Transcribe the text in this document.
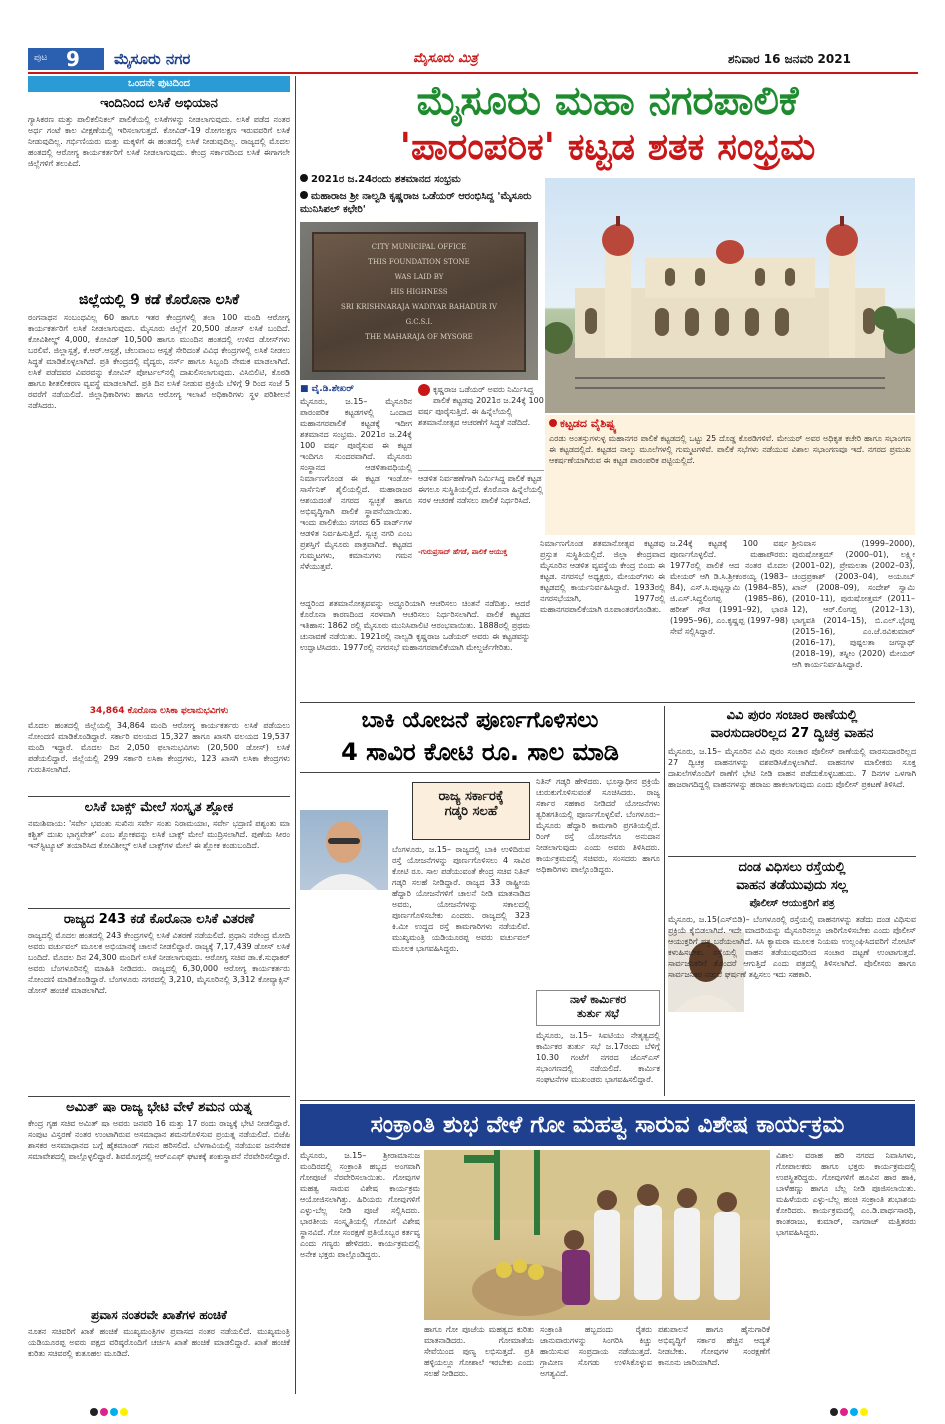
ಪುಟ 9 ಮೈಸೂರು ನಗರ	ಮೈಸೂರು ಮಿತ್ರ	ಶನಿವಾರ 16 ಜನವರಿ 2021
ಒಂದನೇ ಪುಟದಿಂದ
ಇಂದಿನಿಂದ ಲಸಿಕೆ ಅಭಿಯಾನ
ಗ್ಯಾಸಿಕರಣ ಮತ್ತು ಪಾಲಿಕಲಿನಿಕಲ್ ಪಾಲಿಕೆಯಲ್ಲಿ ಲಸಿಕೆಗಳನ್ನು ನೀಡಲಾಗುವುದು. ಲಸಿಕೆ ಪಡೆದ ನಂತರ ಅರ್ಧ ಗಂಟೆ ಕಾಲ ವೀಕ್ಷಣೆಯಲ್ಲಿ ಇರಿಸಲಾಗುತ್ತದೆ. ಕೋವಿಡ್-19 ರೋಗಲಕ್ಷಣ ಇರುವವರಿಗೆ ಲಸಿಕೆ ನೀಡುವುದಿಲ್ಲ. ಗರ್ಭಿಣಿಯರು ಮತ್ತು ಮಕ್ಕಳಿಗೆ ಈ ಹಂತದಲ್ಲಿ ಲಸಿಕೆ ನೀಡುವುದಿಲ್ಲ. ರಾಜ್ಯದಲ್ಲಿ ಮೊದಲ ಹಂತದಲ್ಲಿ ಆರೋಗ್ಯ ಕಾರ್ಯಕರ್ತರಿಗೆ ಲಸಿಕೆ ನೀಡಲಾಗುವುದು. ಕೇಂದ್ರ ಸರ್ಕಾರದಿಂದ ಲಸಿಕೆ ಈಗಾಗಲೇ ಜಿಲ್ಲೆಗಳಿಗೆ ತಲುಪಿದೆ.
ಜಿಲ್ಲೆಯಲ್ಲಿ 9 ಕಡೆ ಕೊರೊನಾ ಲಸಿಕೆ
ರಂಗನಾಥನ ಸಂಬಂಧವಿಲ್ಲ 60 ಹಾಗೂ ಇತರ ಕೇಂದ್ರಗಳಲ್ಲಿ ತಲಾ 100 ಮಂದಿ ಆರೋಗ್ಯ ಕಾರ್ಯಕರ್ತರಿಗೆ ಲಸಿಕೆ ನೀಡಲಾಗುವುದು. ಮೈಸೂರು ಜಿಲ್ಲೆಗೆ 20,500 ಡೋಸ್ ಲಸಿಕೆ ಬಂದಿದೆ. ಕೋವಿಶೀಲ್ಡ್ 4,000, ಕೋವಿಡ್ 10,500 ಹಾಗೂ ಮುಂದಿನ ಹಂತದಲ್ಲಿ ಉಳಿದ ಡೋಸ್‌ಗಳು ಬರಲಿವೆ. ಜಿಲ್ಲಾಸ್ಪತ್ರೆ, ಕೆ.ಆರ್.ಆಸ್ಪತ್ರೆ, ಚೆಲುವಾಂಬ ಆಸ್ಪತ್ರೆ ಸೇರಿದಂತೆ ವಿವಿಧ ಕೇಂದ್ರಗಳಲ್ಲಿ ಲಸಿಕೆ ನೀಡಲು ಸಿದ್ಧತೆ ಮಾಡಿಕೊಳ್ಳಲಾಗಿದೆ. ಪ್ರತಿ ಕೇಂದ್ರದಲ್ಲಿ ವೈದ್ಯರು, ನರ್ಸ್ ಹಾಗೂ ಸಿಬ್ಬಂದಿ ನೇಮಕ ಮಾಡಲಾಗಿದೆ. ಲಸಿಕೆ ಪಡೆದವರ ವಿವರವನ್ನು ಕೋವಿನ್ ಪೋರ್ಟಲ್‌ನಲ್ಲಿ ದಾಖಲಿಸಲಾಗುವುದು. ವಿಸಿಬಿಲಿಟಿ, ಕೊಠಡಿ ಹಾಗೂ ಶೀತಲೀಕರಣ ವ್ಯವಸ್ಥೆ ಮಾಡಲಾಗಿದೆ. ಪ್ರತಿ ದಿನ ಲಸಿಕೆ ನೀಡುವ ಪ್ರಕ್ರಿಯೆ ಬೆಳಿಗ್ಗೆ 9 ರಿಂದ ಸಂಜೆ 5 ರವರೆಗೆ ನಡೆಯಲಿದೆ. ಜಿಲ್ಲಾಧಿಕಾರಿಗಳು ಹಾಗೂ ಆರೋಗ್ಯ ಇಲಾಖೆ ಅಧಿಕಾರಿಗಳು ಸ್ಥಳ ಪರಿಶೀಲನೆ ನಡೆಸಿದರು.
34,864 ಕೊರೊನಾ ಲಸಿಕಾ ಫಲಾನುಭವಿಗಳು
ಮೊದಲ ಹಂತದಲ್ಲಿ ಜಿಲ್ಲೆಯಲ್ಲಿ 34,864 ಮಂದಿ ಆರೋಗ್ಯ ಕಾರ್ಯಕರ್ತರು ಲಸಿಕೆ ಪಡೆಯಲು ನೋಂದಣಿ ಮಾಡಿಕೊಂಡಿದ್ದಾರೆ. ಸರ್ಕಾರಿ ವಲಯದ 15,327 ಹಾಗೂ ಖಾಸಗಿ ವಲಯದ 19,537 ಮಂದಿ ಇದ್ದಾರೆ. ಮೊದಲ ದಿನ 2,050 ಫಲಾನುಭವಿಗಳು (20,500 ಡೋಸ್) ಲಸಿಕೆ ಪಡೆಯಲಿದ್ದಾರೆ. ಜಿಲ್ಲೆಯಲ್ಲಿ 299 ಸರ್ಕಾರಿ ಲಸಿಕಾ ಕೇಂದ್ರಗಳು, 123 ಖಾಸಗಿ ಲಸಿಕಾ ಕೇಂದ್ರಗಳು ಗುರುತಿಸಲಾಗಿದೆ.
ಲಸಿಕೆ ಬಾಕ್ಸ್ ಮೇಲೆ ಸಂಸ್ಕೃತ ಶ್ಲೋಕ
ನಮಃಶಿವಾಯ: 'ಸರ್ವೇ ಭವಂತು ಸುಖಿನಃ ಸರ್ವೇ ಸಂತು ನಿರಾಮಯಾಃ, ಸರ್ವೇ ಭದ್ರಾಣಿ ಪಶ್ಯಂತು ಮಾ ಕಶ್ಚಿತ್ ದುಃಖ ಭಾಗ್ಭವೇತ್' ಎಂಬ ಶ್ಲೋಕವನ್ನು ಲಸಿಕೆ ಬಾಕ್ಸ್ ಮೇಲೆ ಮುದ್ರಿಸಲಾಗಿದೆ. ಪುಣೆಯ ಸೀರಂ ಇನ್‌ಸ್ಟಿಟ್ಯೂಟ್ ತಯಾರಿಸಿದ ಕೋವಿಶೀಲ್ಡ್ ಲಸಿಕೆ ಬಾಕ್ಸ್‌ಗಳ ಮೇಲೆ ಈ ಶ್ಲೋಕ ಕಂಡುಬಂದಿದೆ.
ರಾಜ್ಯದ 243 ಕಡೆ ಕೊರೊನಾ ಲಸಿಕೆ ವಿತರಣೆ
ರಾಜ್ಯದಲ್ಲಿ ಮೊದಲ ಹಂತದಲ್ಲಿ 243 ಕೇಂದ್ರಗಳಲ್ಲಿ ಲಸಿಕೆ ವಿತರಣೆ ನಡೆಯಲಿದೆ. ಪ್ರಧಾನಿ ನರೇಂದ್ರ ಮೋದಿ ಅವರು ವರ್ಚುವಲ್ ಮೂಲಕ ಅಭಿಯಾನಕ್ಕೆ ಚಾಲನೆ ನೀಡಲಿದ್ದಾರೆ. ರಾಜ್ಯಕ್ಕೆ 7,17,439 ಡೋಸ್ ಲಸಿಕೆ ಬಂದಿದೆ. ಮೊದಲ ದಿನ 24,300 ಮಂದಿಗೆ ಲಸಿಕೆ ನೀಡಲಾಗುವುದು. ಆರೋಗ್ಯ ಸಚಿವ ಡಾ.ಕೆ.ಸುಧಾಕರ್ ಅವರು ಬೆಂಗಳೂರಿನಲ್ಲಿ ಮಾಹಿತಿ ನೀಡಿದರು. ರಾಜ್ಯದಲ್ಲಿ 6,30,000 ಆರೋಗ್ಯ ಕಾರ್ಯಕರ್ತರು ನೋಂದಣಿ ಮಾಡಿಕೊಂಡಿದ್ದಾರೆ. ಬೆಂಗಳೂರು ನಗರದಲ್ಲಿ 3,210, ಮೈಸೂರಿನಲ್ಲಿ 3,312 ಕೋವ್ಯಾಕ್ಸಿನ್ ಡೋಸ್ ಹಂಚಿಕೆ ಮಾಡಲಾಗಿದೆ.
ಅಮಿತ್ ಷಾ ರಾಜ್ಯ ಭೇಟಿ ವೇಳೆ ಶಮನ ಯತ್ನ
ಕೇಂದ್ರ ಗೃಹ ಸಚಿವ ಅಮಿತ್ ಷಾ ಅವರು ಜನವರಿ 16 ಮತ್ತು 17 ರಂದು ರಾಜ್ಯಕ್ಕೆ ಭೇಟಿ ನೀಡಲಿದ್ದಾರೆ. ಸಂಪುಟ ವಿಸ್ತರಣೆ ನಂತರ ಉಂಟಾಗಿರುವ ಅಸಮಾಧಾನ ಶಮನಗೊಳಿಸುವ ಪ್ರಯತ್ನ ನಡೆಯಲಿದೆ. ಬಿಜೆಪಿ ಶಾಸಕರ ಅಸಮಾಧಾನದ ಬಗ್ಗೆ ಹೈಕಮಾಂಡ್ ಗಮನ ಹರಿಸಲಿದೆ. ಬೆಳಗಾವಿಯಲ್ಲಿ ನಡೆಯುವ ಜನಸೇವಕ ಸಮಾವೇಶದಲ್ಲಿ ಪಾಲ್ಗೊಳ್ಳಲಿದ್ದಾರೆ. ಶಿವಮೊಗ್ಗದಲ್ಲಿ ಆರ್‌ಎಎಫ್ ಘಟಕಕ್ಕೆ ಶಂಕುಸ್ಥಾಪನೆ ನೆರವೇರಿಸಲಿದ್ದಾರೆ.
ಪ್ರವಾಸ ನಂತರವೇ ಖಾತೆಗಳ ಹಂಚಿಕೆ
ನೂತನ ಸಚಿವರಿಗೆ ಖಾತೆ ಹಂಚಿಕೆ ಮುಖ್ಯಮಂತ್ರಿಗಳ ಪ್ರವಾಸದ ನಂತರ ನಡೆಯಲಿದೆ. ಮುಖ್ಯಮಂತ್ರಿ ಯಡಿಯೂರಪ್ಪ ಅವರು ಪಕ್ಷದ ವರಿಷ್ಠರೊಂದಿಗೆ ಚರ್ಚಿಸಿ ಖಾತೆ ಹಂಚಿಕೆ ಮಾಡಲಿದ್ದಾರೆ. ಖಾತೆ ಹಂಚಿಕೆ ಕುರಿತು ಸಚಿವರಲ್ಲಿ ಕುತೂಹಲ ಮೂಡಿದೆ.
ಮೈಸೂರು ಮಹಾ ನಗರಪಾಲಿಕೆ
'ಪಾರಂಪರಿಕ' ಕಟ್ಟಡ ಶತಕ ಸಂಭ್ರಮ
2021ರ ಜ.24ರಂದು ಶತಮಾನದ ಸಂಭ್ರಮ
ಮಹಾರಾಜ ಶ್ರೀ ನಾಲ್ವಡಿ ಕೃಷ್ಣರಾಜ ಒಡೆಯರ್ ಆರಂಭಿಸಿದ್ದ 'ಮೈಸೂರು ಮುನಿಸಿಪಲ್ ಕಛೇರಿ'
CITY MUNICIPAL OFFICE
THIS FOUNDATION STONE
WAS LAID BY
HIS HIGHNESS
SRI KRISHNARAJA WADIYAR BAHADUR IV
G.C.S.I.
THE MAHARAJA OF MYSORE
■ ವೈ.ಡಿ.ಶೇಖರ್	ಕೃಷ್ಣರಾಜ ಒಡೆಯರ್ ಅವರು ನಿರ್ಮಿಸಿದ್ದ ಪಾಲಿಕೆ ಕಟ್ಟಡವು 2021ರ ಜ.24ಕ್ಕೆ 100 ವರ್ಷ ಪೂರೈಸುತ್ತಿದೆ. ಈ ಹಿನ್ನೆಲೆಯಲ್ಲಿ ಶತಮಾನೋತ್ಸವ ಆಚರಣೆಗೆ ಸಿದ್ಧತೆ ನಡೆದಿದೆ.
ಮೈಸೂರು, ಜ.15– ಮೈಸೂರಿನ ಪಾರಂಪರಿಕ ಕಟ್ಟಡಗಳಲ್ಲಿ ಒಂದಾದ ಮಹಾನಗರಪಾಲಿಕೆ ಕಟ್ಟಡಕ್ಕೆ ಇದೀಗ ಶತಮಾನದ ಸಂಭ್ರಮ. 2021ರ ಜ.24ಕ್ಕೆ 100 ವರ್ಷ ಪೂರೈಸುವ ಈ ಕಟ್ಟಡ ಇಂದಿಗೂ ಸುಂದರವಾಗಿದೆ. ಮೈಸೂರು ಸಂಸ್ಥಾನದ ಆಡಳಿತಾವಧಿಯಲ್ಲಿ ನಿರ್ಮಾಣಗೊಂಡ ಈ ಕಟ್ಟಡ ಇಂಡೋ-ಸಾರ್ಸೆನಿಕ್ ಶೈಲಿಯಲ್ಲಿದೆ. ಮಹಾರಾಜರ ಆಶಯದಂತೆ ನಗರದ ಸ್ವಚ್ಛತೆ ಹಾಗೂ ಅಭಿವೃದ್ಧಿಗಾಗಿ ಪಾಲಿಕೆ ಸ್ಥಾಪನೆಯಾಯಿತು. ಇಂದು ಪಾಲಿಕೆಯು ನಗರದ 65 ವಾರ್ಡ್‌ಗಳ ಆಡಳಿತ ನಿರ್ವಹಿಸುತ್ತಿದೆ. ಸ್ವಚ್ಛ ನಗರಿ ಎಂಬ ಪ್ರಶಸ್ತಿಗೆ ಮೈಸೂರು ಪಾತ್ರವಾಗಿದೆ. ಕಟ್ಟಡದ ಗುಮ್ಮಟಗಳು, ಕಮಾನುಗಳು ಗಮನ ಸೆಳೆಯುತ್ತವೆ.
ಆದ್ದರಿಂದ ಶತಮಾನೋತ್ಸವವನ್ನು ಅದ್ಧೂರಿಯಾಗಿ ಆಚರಿಸಲು ಚಿಂತನೆ ನಡೆದಿತ್ತು. ಆದರೆ ಕೊರೊನಾ ಕಾರಣದಿಂದ ಸರಳವಾಗಿ ಆಚರಿಸಲು ನಿರ್ಧರಿಸಲಾಗಿದೆ. ಪಾಲಿಕೆ ಕಟ್ಟಡದ ಇತಿಹಾಸ: 1862 ರಲ್ಲಿ ಮೈಸೂರು ಮುನಿಸಿಪಾಲಿಟಿ ಆರಂಭವಾಯಿತು. 1888ರಲ್ಲಿ ಪ್ರಥಮ ಚುನಾವಣೆ ನಡೆಯಿತು. 1921ರಲ್ಲಿ ನಾಲ್ವಡಿ ಕೃಷ್ಣರಾಜ ಒಡೆಯರ್ ಅವರು ಈ ಕಟ್ಟಡವನ್ನು ಉದ್ಘಾಟಿಸಿದರು. 1977ರಲ್ಲಿ ನಗರಸಭೆ ಮಹಾನಗರಪಾಲಿಕೆಯಾಗಿ ಮೇಲ್ದರ್ಜೆಗೇರಿತು.
ಆಡಳಿತ ನಿರ್ವಹಣೆಗಾಗಿ ನಿರ್ಮಿಸಿದ್ದ ಪಾಲಿಕೆ ಕಟ್ಟಡ ಈಗಲೂ ಸುಸ್ಥಿತಿಯಲ್ಲಿದೆ. ಕೊರೊನಾ ಹಿನ್ನೆಲೆಯಲ್ಲಿ ಸರಳ ಆಚರಣೆ ನಡೆಸಲು ಪಾಲಿಕೆ ನಿರ್ಧರಿಸಿದೆ.
-ಗುರುಪ್ರಸಾದ್ ಹೆಗಡೆ, ಪಾಲಿಕೆ ಆಯುಕ್ತ
ಕಟ್ಟಡದ ವೈಶಿಷ್ಟ್ಯ
ಎರಡು ಅಂತಸ್ತುಗಳುಳ್ಳ ಮಹಾನಗರ ಪಾಲಿಕೆ ಕಟ್ಟಡದಲ್ಲಿ ಒಟ್ಟು 25 ದೊಡ್ಡ ಕೊಠಡಿಗಳಿವೆ. ಮೇಯರ್ ಅವರ ಅಧಿಕೃತ ಕಚೇರಿ ಹಾಗೂ ಸಭಾಂಗಣ ಈ ಕಟ್ಟಡದಲ್ಲಿದೆ. ಕಟ್ಟಡದ ನಾಲ್ಕು ಮೂಲೆಗಳಲ್ಲಿ ಗುಮ್ಮಟಗಳಿವೆ. ಪಾಲಿಕೆ ಸಭೆಗಳು ನಡೆಯುವ ವಿಶಾಲ ಸಭಾಂಗಣವೂ ಇದೆ. ನಗರದ ಪ್ರಮುಖ ಆಕರ್ಷಣೆಯಾಗಿರುವ ಈ ಕಟ್ಟಡ ಪಾರಂಪರಿಕ ಪಟ್ಟಿಯಲ್ಲಿದೆ.
ನಿರ್ಮಾಣಗೊಂಡ ಶತಮಾನೋತ್ಸವ ಕಟ್ಟಡವು ಪ್ರಸ್ತುತ ಸುಸ್ಥಿತಿಯಲ್ಲಿದೆ. ಜಿಲ್ಲಾ ಕೇಂದ್ರವಾದ ಮೈಸೂರಿನ ಆಡಳಿತ ವ್ಯವಸ್ಥೆಯ ಕೇಂದ್ರ ಬಿಂದು ಈ ಕಟ್ಟಡ. ನಗರಸಭೆ ಅಧ್ಯಕ್ಷರು, ಮೇಯರ್‌ಗಳು ಈ ಕಟ್ಟಡದಲ್ಲಿ ಕಾರ್ಯನಿರ್ವಹಿಸಿದ್ದಾರೆ. 1933ರಲ್ಲಿ ನಗರಸಭೆಯಾಗಿ, 1977ರಲ್ಲಿ ಮಹಾನಗರಪಾಲಿಕೆಯಾಗಿ ರೂಪಾಂತರಗೊಂಡಿತು.
ಜ.24ಕ್ಕೆ ಕಟ್ಟಡಕ್ಕೆ 100 ವರ್ಷ ಪೂರ್ಣಗೊಳ್ಳಲಿದೆ. ಮಹಾಪೌರರು: 1977ರಲ್ಲಿ ಪಾಲಿಕೆ ಆದ ನಂತರ ಮೊದಲ ಮೇಯರ್ ಆಗಿ ಡಿ.ಸಿ.ಶ್ರೀಕಂಠಯ್ಯ (1983–84), ಎಸ್.ಸಿ.ಪುಟ್ಟಸ್ವಾಮಿ (1984–85), ಜಿ.ಎಸ್.ಸಿದ್ದಲಿಂಗಪ್ಪ (1985–86), ಹರೀಶ್ ಗೌಡ (1991–92), ಭಾರತಿ (1995–96), ಎಂ.ಕೃಷ್ಣಪ್ಪ (1997–98) ಸೇವೆ ಸಲ್ಲಿಸಿದ್ದಾರೆ.
ಶ್ರೀನಿವಾಸ (1999–2000), ಪುರುಷೋತ್ತಮ್ (2000–01), ಲಕ್ಷ್ಮೀ (2001–02), ಪ್ರೇಮಲತಾ (2002–03), ಚಂದ್ರಪ್ರಕಾಶ್ (2003–04), ಅಯೂಬ್ ಖಾನ್ (2008–09), ಸಂದೇಶ್ ಸ್ವಾಮಿ (2010–11), ಪುರುಷೋತ್ತಮ್ (2011–12), ಆರ್.ಲಿಂಗಪ್ಪ (2012–13), ಭಾಗ್ಯವತಿ (2014–15), ಬಿ.ಎಲ್.ಭೈರಪ್ಪ (2015–16), ಎಂ.ಜೆ.ರವಿಕುಮಾರ್ (2016–17), ಪುಷ್ಪಲತಾ ಜಗನ್ನಾಥ್ (2018–19), ತಸ್ನೀಂ (2020) ಮೇಯರ್ ಆಗಿ ಕಾರ್ಯನಿರ್ವಹಿಸಿದ್ದಾರೆ.
ಬಾಕಿ ಯೋಜನೆ ಪೂರ್ಣಗೊಳಿಸಲು
4 ಸಾವಿರ ಕೋಟಿ ರೂ. ಸಾಲ ಮಾಡಿ
ರಾಜ್ಯ ಸರ್ಕಾರಕ್ಕೆ
ಗಡ್ಕರಿ ಸಲಹೆ
ಬೆಂಗಳೂರು, ಜ.15– ರಾಜ್ಯದಲ್ಲಿ ಬಾಕಿ ಉಳಿದಿರುವ ರಸ್ತೆ ಯೋಜನೆಗಳನ್ನು ಪೂರ್ಣಗೊಳಿಸಲು 4 ಸಾವಿರ ಕೋಟಿ ರೂ. ಸಾಲ ಪಡೆಯುವಂತೆ ಕೇಂದ್ರ ಸಚಿವ ನಿತಿನ್ ಗಡ್ಕರಿ ಸಲಹೆ ನೀಡಿದ್ದಾರೆ. ರಾಜ್ಯದ 33 ರಾಷ್ಟ್ರೀಯ ಹೆದ್ದಾರಿ ಯೋಜನೆಗಳಿಗೆ ಚಾಲನೆ ನೀಡಿ ಮಾತನಾಡಿದ ಅವರು, ಯೋಜನೆಗಳನ್ನು ಸಕಾಲದಲ್ಲಿ ಪೂರ್ಣಗೊಳಿಸಬೇಕು ಎಂದರು. ರಾಜ್ಯದಲ್ಲಿ 323 ಕಿ.ಮೀ ಉದ್ದದ ರಸ್ತೆ ಕಾಮಗಾರಿಗಳು ನಡೆಯಲಿವೆ. ಮುಖ್ಯಮಂತ್ರಿ ಯಡಿಯೂರಪ್ಪ ಅವರು ವರ್ಚುವಲ್ ಮೂಲಕ ಭಾಗವಹಿಸಿದ್ದರು.
ನಿತಿನ್ ಗಡ್ಕರಿ ಹೇಳಿದರು. ಭೂಸ್ವಾಧೀನ ಪ್ರಕ್ರಿಯೆ ಚುರುಕುಗೊಳಿಸುವಂತೆ ಸೂಚಿಸಿದರು. ರಾಜ್ಯ ಸರ್ಕಾರ ಸಹಕಾರ ನೀಡಿದರೆ ಯೋಜನೆಗಳು ತ್ವರಿತಗತಿಯಲ್ಲಿ ಪೂರ್ಣಗೊಳ್ಳಲಿವೆ. ಬೆಂಗಳೂರು–ಮೈಸೂರು ಹೆದ್ದಾರಿ ಕಾಮಗಾರಿ ಪ್ರಗತಿಯಲ್ಲಿದೆ. ರಿಂಗ್ ರಸ್ತೆ ಯೋಜನೆಗೂ ಅನುದಾನ ನೀಡಲಾಗುವುದು ಎಂದು ಅವರು ತಿಳಿಸಿದರು. ಕಾರ್ಯಕ್ರಮದಲ್ಲಿ ಸಚಿವರು, ಸಂಸದರು ಹಾಗೂ ಅಧಿಕಾರಿಗಳು ಪಾಲ್ಗೊಂಡಿದ್ದರು.
ನಾಳೆ ಕಾರ್ಮಿಕರ
ತುರ್ತು ಸಭೆ
ಮೈಸೂರು, ಜ.15– ಸಿಐಟಿಯು ನೇತೃತ್ವದಲ್ಲಿ ಕಾರ್ಮಿಕರ ತುರ್ತು ಸಭೆ ಜ.17ರಂದು ಬೆಳಿಗ್ಗೆ 10.30 ಗಂಟೆಗೆ ನಗರದ ಜೆಎಸ್‌ಎಸ್ ಸಭಾಂಗಣದಲ್ಲಿ ನಡೆಯಲಿದೆ. ಕಾರ್ಮಿಕ ಸಂಘಟನೆಗಳ ಮುಖಂಡರು ಭಾಗವಹಿಸಲಿದ್ದಾರೆ.
ವಿವಿ ಪುರಂ ಸಂಚಾರ ಠಾಣೆಯಲ್ಲಿ
ವಾರಸುದಾರರಿಲ್ಲದ 27 ದ್ವಿಚಕ್ರ ವಾಹನ
ಮೈಸೂರು, ಜ.15– ಮೈಸೂರಿನ ವಿವಿ ಪುರಂ ಸಂಚಾರ ಪೊಲೀಸ್ ಠಾಣೆಯಲ್ಲಿ ವಾರಸುದಾರರಿಲ್ಲದ 27 ದ್ವಿಚಕ್ರ ವಾಹನಗಳನ್ನು ವಶಪಡಿಸಿಕೊಳ್ಳಲಾಗಿದೆ. ವಾಹನಗಳ ಮಾಲೀಕರು ಸೂಕ್ತ ದಾಖಲೆಗಳೊಂದಿಗೆ ಠಾಣೆಗೆ ಭೇಟಿ ನೀಡಿ ವಾಹನ ಪಡೆದುಕೊಳ್ಳಬಹುದು. 7 ದಿನಗಳ ಒಳಗಾಗಿ ಹಾಜರಾಗದಿದ್ದಲ್ಲಿ ವಾಹನಗಳನ್ನು ಹರಾಜು ಹಾಕಲಾಗುವುದು ಎಂದು ಪೊಲೀಸ್ ಪ್ರಕಟಣೆ ತಿಳಿಸಿದೆ.
ದಂಡ ವಿಧಿಸಲು ರಸ್ತೆಯಲ್ಲಿ
ವಾಹನ ತಡೆಯುವುದು ಸಲ್ಲ
ಪೊಲೀಸ್ ಆಯುಕ್ತರಿಗೆ ಪತ್ರ
ಮೈಸೂರು, ಜ.15(ಎಸ್‌ಬಿಡಿ)– ಬೆಂಗಳೂರಲ್ಲಿ ರಸ್ತೆಯಲ್ಲಿ ವಾಹನಗಳನ್ನು ತಡೆದು ದಂಡ ವಿಧಿಸುವ ಪ್ರಕ್ರಿಯೆ ಕೈಬಿಡಲಾಗಿದೆ. ಇದೇ ಮಾದರಿಯನ್ನು ಮೈಸೂರಿನಲ್ಲೂ ಜಾರಿಗೊಳಿಸಬೇಕು ಎಂದು ಪೊಲೀಸ್ ಆಯುಕ್ತರಿಗೆ ಪತ್ರ ಬರೆಯಲಾಗಿದೆ. ಸಿಸಿ ಕ್ಯಾಮರಾ ಮೂಲಕ ನಿಯಮ ಉಲ್ಲಂಘಿಸಿದವರಿಗೆ ನೋಟಿಸ್ ಕಳುಹಿಸಬೇಕು. ರಸ್ತೆಯಲ್ಲಿ ವಾಹನ ತಡೆಯುವುದರಿಂದ ಸಂಚಾರ ದಟ್ಟಣೆ ಉಂಟಾಗುತ್ತದೆ. ಸಾರ್ವಜನಿಕರಿಗೆ ತೊಂದರೆ ಆಗುತ್ತಿದೆ ಎಂದು ಪತ್ರದಲ್ಲಿ ತಿಳಿಸಲಾಗಿದೆ. ಪೊಲೀಸರು ಹಾಗೂ ಸಾರ್ವಜನಿಕರ ನಡುವೆ ಘರ್ಷಣೆ ತಪ್ಪಿಸಲು ಇದು ಸಹಕಾರಿ.
ಸಂಕ್ರಾಂತಿ ಶುಭ ವೇಳೆ ಗೋ ಮಹತ್ವ ಸಾರುವ ವಿಶೇಷ ಕಾರ್ಯಕ್ರಮ
ಮೈಸೂರು, ಜ.15– ಶ್ರೀರಾಮಾನುಜ ಮಂದಿರದಲ್ಲಿ ಸಂಕ್ರಾಂತಿ ಹಬ್ಬದ ಅಂಗವಾಗಿ ಗೋಪೂಜೆ ನೆರವೇರಿಸಲಾಯಿತು. ಗೋವುಗಳ ಮಹತ್ವ ಸಾರುವ ವಿಶೇಷ ಕಾರ್ಯಕ್ರಮ ಆಯೋಜಿಸಲಾಗಿತ್ತು. ಹಿರಿಯರು ಗೋವುಗಳಿಗೆ ಎಳ್ಳು-ಬೆಲ್ಲ ನೀಡಿ ಪೂಜೆ ಸಲ್ಲಿಸಿದರು. ಭಾರತೀಯ ಸಂಸ್ಕೃತಿಯಲ್ಲಿ ಗೋವಿಗೆ ವಿಶೇಷ ಸ್ಥಾನವಿದೆ. ಗೋ ಸಂರಕ್ಷಣೆ ಪ್ರತಿಯೊಬ್ಬರ ಕರ್ತವ್ಯ ಎಂದು ಗಣ್ಯರು ಹೇಳಿದರು. ಕಾರ್ಯಕ್ರಮದಲ್ಲಿ ಅನೇಕ ಭಕ್ತರು ಪಾಲ್ಗೊಂಡಿದ್ದರು.
ಹಾಗೂ ಗೋ ಪೂಜೆಯ ಮಹತ್ವದ ಕುರಿತು ಮಾತನಾಡಿದರು. ಗೋಮಾತೆಯ ಸೇವೆಯಿಂದ ಪುಣ್ಯ ಲಭಿಸುತ್ತದೆ. ಪ್ರತಿ ಹಳ್ಳಿಯಲ್ಲೂ ಗೋಶಾಲೆ ಇರಬೇಕು ಎಂದು ಸಲಹೆ ನೀಡಿದರು.
ಸಂಕ್ರಾಂತಿ ಹಬ್ಬದಂದು ರೈತರು ಜಾನುವಾರುಗಳನ್ನು ಸಿಂಗರಿಸಿ ಕಿಚ್ಚು ಹಾಯಿಸುವ ಸಂಪ್ರದಾಯ ನಡೆಯುತ್ತದೆ. ಗ್ರಾಮೀಣ ಸೊಗಡು ಉಳಿಸಿಕೊಳ್ಳುವ ಅಗತ್ಯವಿದೆ.
ಪಶುಪಾಲನೆ ಹಾಗೂ ಹೈನುಗಾರಿಕೆ ಅಭಿವೃದ್ಧಿಗೆ ಸರ್ಕಾರ ಹೆಚ್ಚಿನ ಆದ್ಯತೆ ನೀಡಬೇಕು. ಗೋವುಗಳ ಸಂರಕ್ಷಣೆಗೆ ಕಾನೂನು ಜಾರಿಯಾಗಿದೆ.
ವಿಶಾಲ ವರಾಹ ಹರಿ ನಗರದ ನಿವಾಸಿಗಳು, ಗೋಪಾಲಕರು ಹಾಗೂ ಭಕ್ತರು ಕಾರ್ಯಕ್ರಮದಲ್ಲಿ ಉಪಸ್ಥಿತರಿದ್ದರು. ಗೋವುಗಳಿಗೆ ಹೂವಿನ ಹಾರ ಹಾಕಿ, ಬಾಳೆಹಣ್ಣು ಹಾಗೂ ಬೆಲ್ಲ ನೀಡಿ ಪೂಜಿಸಲಾಯಿತು. ಮಹಿಳೆಯರು ಎಳ್ಳು-ಬೆಲ್ಲ ಹಂಚಿ ಸಂಕ್ರಾಂತಿ ಶುಭಾಶಯ ಕೋರಿದರು. ಕಾರ್ಯಕ್ರಮದಲ್ಲಿ ಎಂ.ಡಿ.ಪಾರ್ಥಸಾರಥಿ, ಕಾಂತರಾಜು, ಕುಮಾರ್, ನಾಗರಾಜ್ ಮತ್ತಿತರರು ಭಾಗವಹಿಸಿದ್ದರು.
